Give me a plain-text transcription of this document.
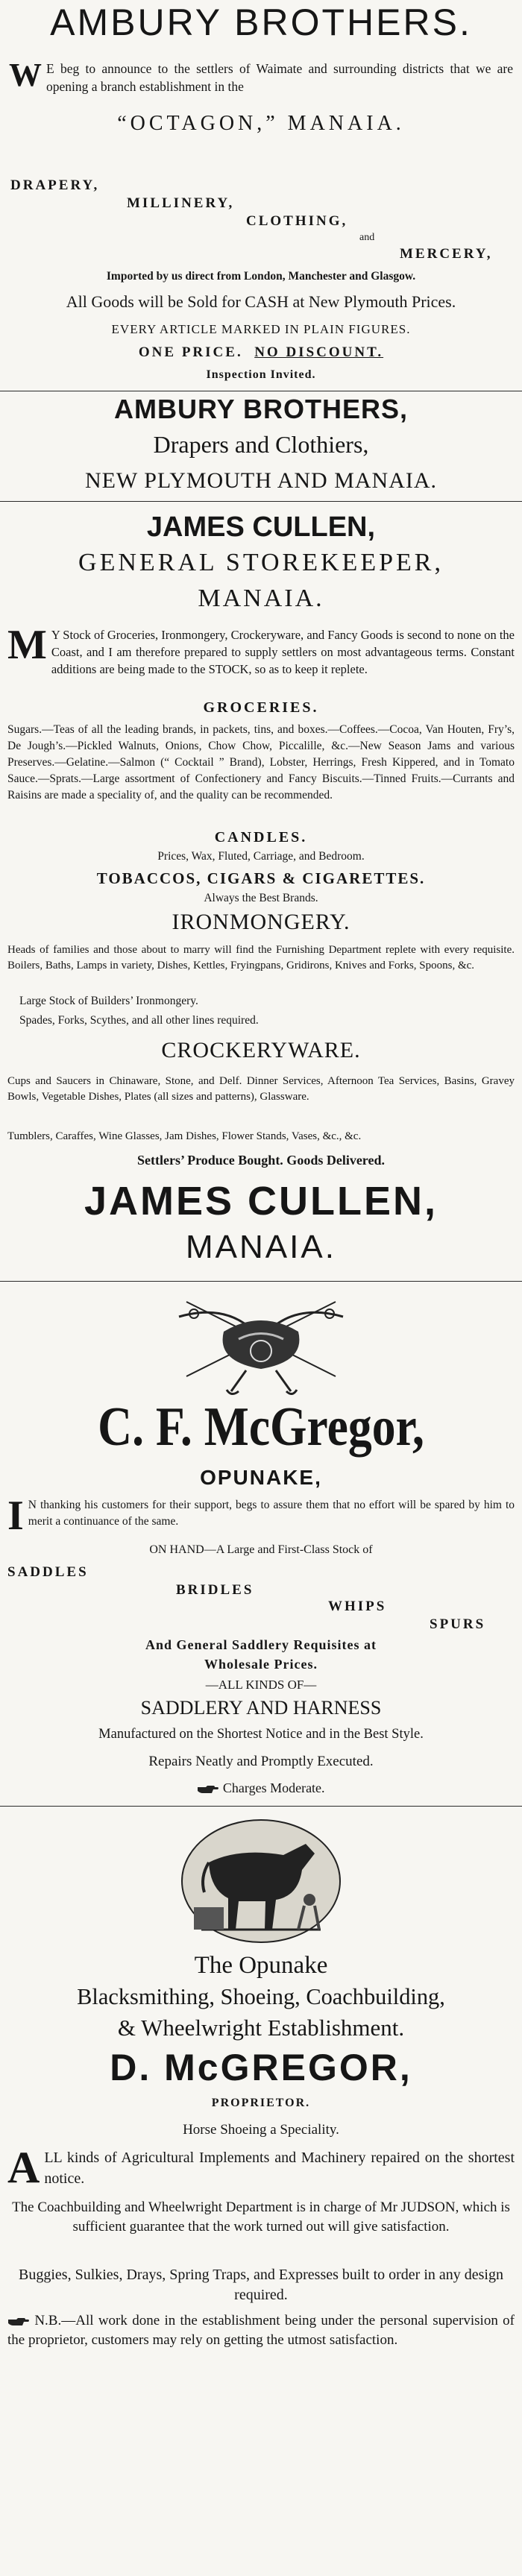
AMBURY BROTHERS.
W E beg to announce to the settlers of Waimate and surrounding districts that we are opening a branch establishment in the
“OCTAGON,” MANAIA.
DRAPERY,
MILLINERY,
CLOTHING,
and
MERCERY,
Imported by us direct from London, Manchester and Glasgow.
All Goods will be Sold for CASH at New Plymouth Prices.
EVERY ARTICLE MARKED IN PLAIN FIGURES.
ONE PRICE. NO DISCOUNT.
Inspection Invited.
AMBURY BROTHERS,
Drapers and Clothiers,
NEW PLYMOUTH AND MANAIA.
JAMES CULLEN,
GENERAL STOREKEEPER,
MANAIA.
M Y Stock of Groceries, Ironmongery, Crockeryware, and Fancy Goods is second to none on the Coast, and I am therefore prepared to supply settlers on most advantageous terms. Constant additions are being made to the STOCK, so as to keep it replete.
GROCERIES.
Sugars.—Teas of all the leading brands, in packets, tins, and boxes.—Coffees.—Cocoa, Van Houten, Fry’s, De Jough’s.—Pickled Walnuts, Onions, Chow Chow, Piccalille, &c.—New Season Jams and various Preserves.—Gelatine.—Salmon (“ Cocktail ” Brand), Lobster, Herrings, Fresh Kippered, and in Tomato Sauce.—Sprats.—Large assortment of Confectionery and Fancy Biscuits.—Tinned Fruits.—Currants and Raisins are made a speciality of, and the quality can be recommended.
CANDLES.
Prices, Wax, Fluted, Carriage, and Bedroom.
TOBACCOS, CIGARS & CIGARETTES.
Always the Best Brands.
IRONMONGERY.
Heads of families and those about to marry will find the Furnishing Department replete with every requisite. Boilers, Baths, Lamps in variety, Dishes, Kettles, Fryingpans, Gridirons, Knives and Forks, Spoons, &c.
Large Stock of Builders’ Ironmongery.
Spades, Forks, Scythes, and all other lines required.
CROCKERYWARE.
Cups and Saucers in Chinaware, Stone, and Delf. Dinner Services, Afternoon Tea Services, Basins, Gravey Bowls, Vegetable Dishes, Plates (all sizes and patterns), Glassware.
Tumblers, Caraffes, Wine Glasses, Jam Dishes, Flower Stands, Vases, &c., &c.
Settlers’ Produce Bought. Goods Delivered.
JAMES CULLEN,
MANAIA.
C. F. McGregor,
OPUNAKE,
I N thanking his customers for their support, begs to assure them that no effort will be spared by him to merit a continuance of the same.
ON HAND—A Large and First-Class Stock of
SADDLES
BRIDLES
WHIPS
SPURS
And General Saddlery Requisites at
Wholesale Prices.
—ALL KINDS OF—
SADDLERY AND HARNESS
Manufactured on the Shortest Notice and in the Best Style.
Repairs Neatly and Promptly Executed.
Charges Moderate.
The Opunake
Blacksmithing, Shoeing, Coachbuilding,
& Wheelwright Establishment.
D. McGREGOR,
PROPRIETOR.
Horse Shoeing a Speciality.
A LL kinds of Agricultural Implements and Machinery repaired on the shortest notice.
The Coachbuilding and Wheelwright Department is in charge of Mr JUDSON, which is sufficient guarantee that the work turned out will give satisfaction.
Buggies, Sulkies, Drays, Spring Traps, and Expresses built to order in any design required.
N.B.—All work done in the establishment being under the personal supervision of the proprietor, customers may rely on getting the utmost satisfaction.
